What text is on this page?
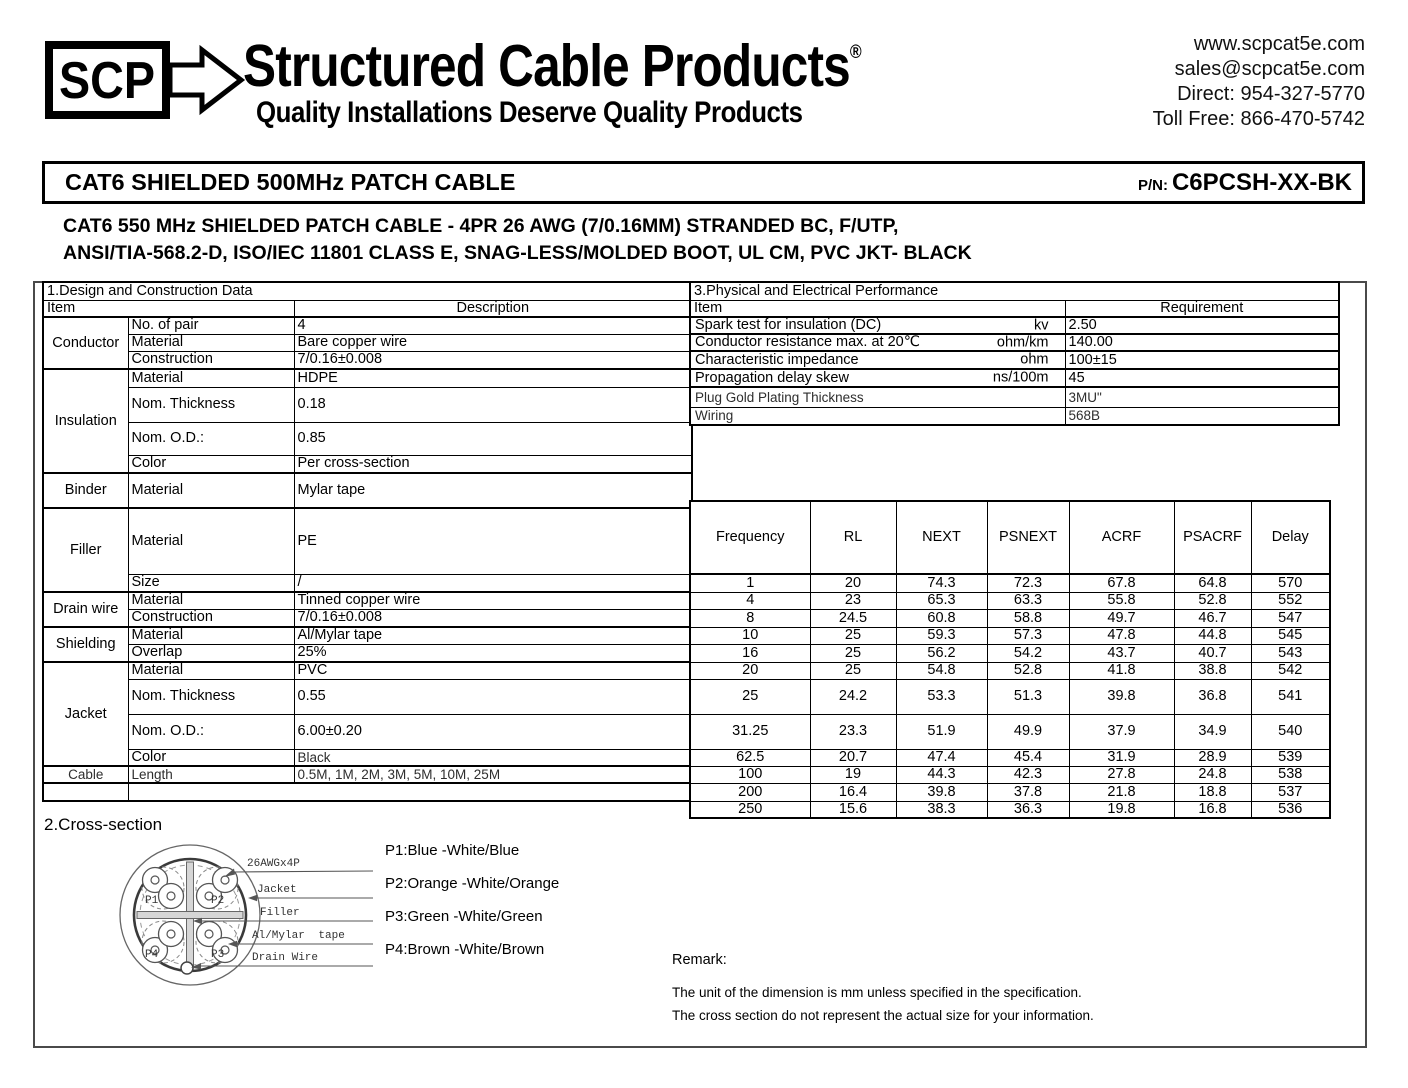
SCP Structured Cable Products®
Quality Installations Deserve Quality Products
www.scpcat5e.com
sales@scpcat5e.com
Direct: 954-327-5770
Toll Free: 866-470-5742
CAT6 SHIELDED 500MHz PATCH CABLE	P/N: C6PCSH-XX-BK
CAT6 550 MHz SHIELDED PATCH CABLE - 4PR 26 AWG (7/0.16MM) STRANDED BC, F/UTP,
ANSI/TIA-568.2-D, ISO/IEC 11801 CLASS E, SNAG-LESS/MOLDED BOOT, UL CM, PVC JKT- BLACK
1.Design and Construction Data		
Item		Description
Conductor	No. of pair	4
	Material	Bare copper wire
	Construction	7/0.16±0.008
Insulation	Material	HDPE
	Nom. Thickness	0.18
	Nom. O.D.:	0.85
	Color	Per cross-section
Binder	Material	Mylar tape
Filler	Material	PE
	Size	/
Drain wire	Material	Tinned copper wire
	Construction	7/0.16±0.008
Shielding	Material	Al/Mylar tape
	Overlap	25%
Jacket	Material	PVC
	Nom. Thickness	0.55
	Nom. O.D.:	6.00±0.20
	Color	Black
Cable	Length	0.5M, 1M, 2M, 3M, 5M, 10M, 25M

3.Physical and Electrical Performance	
Item	Requirement
Spark test for insulation (DC) kv	2.50
Conductor resistance max. at 20℃ ohm/km	140.00
Characteristic impedance ohm	100±15
Propagation delay skew ns/100m	45
Plug Gold Plating Thickness	3MU"
Wiring	568B
Frequency	RL	NEXT	PSNEXT	ACRF	PSACRF	Delay
1	20	74.3	72.3	67.8	64.8	570
4	23	65.3	63.3	55.8	52.8	552
8	24.5	60.8	58.8	49.7	46.7	547
10	25	59.3	57.3	47.8	44.8	545
16	25	56.2	54.2	43.7	40.7	543
20	25	54.8	52.8	41.8	38.8	542
25	24.2	53.3	51.3	39.8	36.8	541
31.25	23.3	51.9	49.9	37.9	34.9	540
62.5	20.7	47.4	45.4	31.9	28.9	539
100	19	44.3	42.3	27.8	24.8	538
200	16.4	39.8	37.8	21.8	18.8	537
250	15.6	38.3	36.3	19.8	16.8	536
2.Cross-section
P1	P2
P4	P3
26AWGx4P
Jacket
Filler
Al/Mylar tape
Drain Wire
P1:Blue -White/Blue
P2:Orange -White/Orange
P3:Green -White/Green
P4:Brown -White/Brown
Remark:
The unit of the dimension is mm unless specified in the specification.
The cross section do not represent the actual size for your information.
